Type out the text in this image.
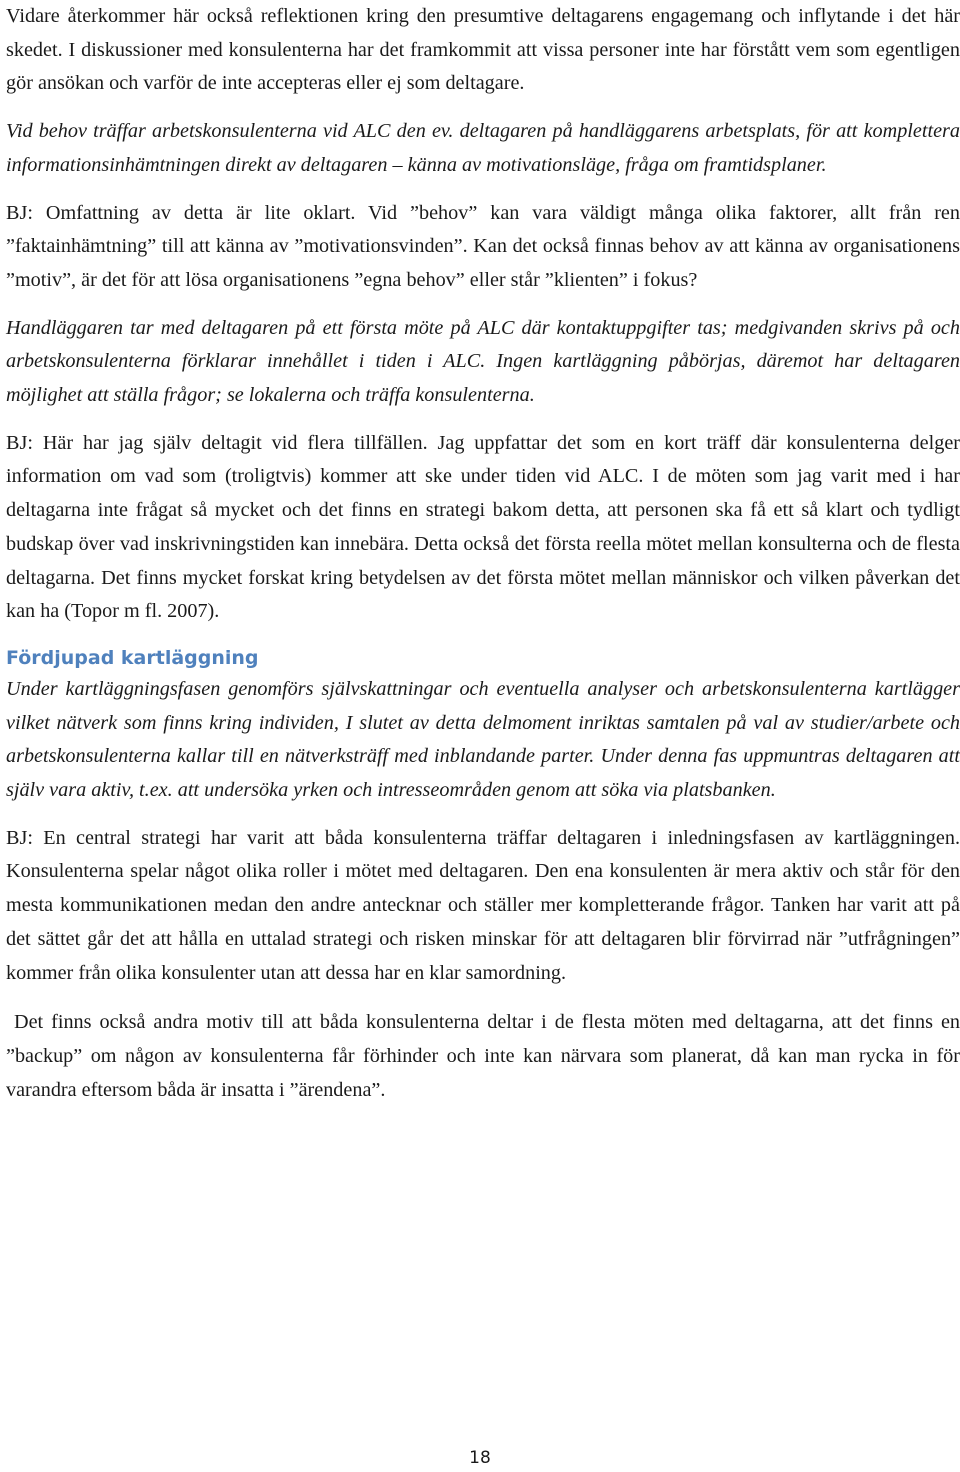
Vidare återkommer här också reflektionen kring den presumtive deltagarens engagemang och inflytande i det här skedet. I diskussioner med konsulenterna har det framkommit att vissa personer inte har förstått vem som egentligen gör ansökan och varför de inte accepteras eller ej som deltagare.

Vid behov träffar arbetskonsulenterna vid ALC den ev. deltagaren på handläggarens arbetsplats, för att komplettera informationsinhämtningen direkt av deltagaren – känna av motivationsläge, fråga om framtidsplaner.

BJ: Omfattning av detta är lite oklart. Vid ”behov” kan vara väldigt många olika faktorer, allt från ren ”faktainhämtning” till att känna av ”motivationsvinden”. Kan det också finnas behov av att känna av organisationens ”motiv”, är det för att lösa organisationens ”egna behov” eller står ”klienten” i fokus?

Handläggaren tar med deltagaren på ett första möte på ALC där kontaktuppgifter tas; medgivanden skrivs på och arbetskonsulenterna förklarar innehållet i tiden i ALC. Ingen kartläggning påbörjas, däremot har deltagaren möjlighet att ställa frågor; se lokalerna och träffa konsulenterna.

BJ: Här har jag själv deltagit vid flera tillfällen. Jag uppfattar det som en kort träff där konsulenterna delger information om vad som (troligtvis) kommer att ske under tiden vid ALC. I de möten som jag varit med i har deltagarna inte frågat så mycket och det finns en strategi bakom detta, att personen ska få ett så klart och tydligt budskap över vad inskrivningstiden kan innebära. Detta också det första reella mötet mellan konsulterna och de flesta deltagarna. Det finns mycket forskat kring betydelsen av det första mötet mellan människor och vilken påverkan det kan ha (Topor m fl. 2007).

Fördjupad kartläggning

Under kartläggningsfasen genomförs självskattningar och eventuella analyser och arbetskonsulenterna kartlägger vilket nätverk som finns kring individen, I slutet av detta delmoment inriktas samtalen på val av studier/arbete och arbetskonsulenterna kallar till en nätverksträff med inblandande parter. Under denna fas uppmuntras deltagaren att själv vara aktiv, t.ex. att undersöka yrken och intresseområden genom att söka via platsbanken.

BJ: En central strategi har varit att båda konsulenterna träffar deltagaren i inledningsfasen av kartläggningen. Konsulenterna spelar något olika roller i mötet med deltagaren. Den ena konsulenten är mera aktiv och står för den mesta kommunikationen medan den andre antecknar och ställer mer kompletterande frågor. Tanken har varit att på det sättet går det att hålla en uttalad strategi och risken minskar för att deltagaren blir förvirrad när ”utfrågningen” kommer från olika konsulenter utan att dessa har en klar samordning.

Det finns också andra motiv till att båda konsulenterna deltar i de flesta möten med deltagarna, att det finns en ”backup” om någon av konsulenterna får förhinder och inte kan närvara som planerat, då kan man rycka in för varandra eftersom båda är insatta i ”ärendena”.

18
